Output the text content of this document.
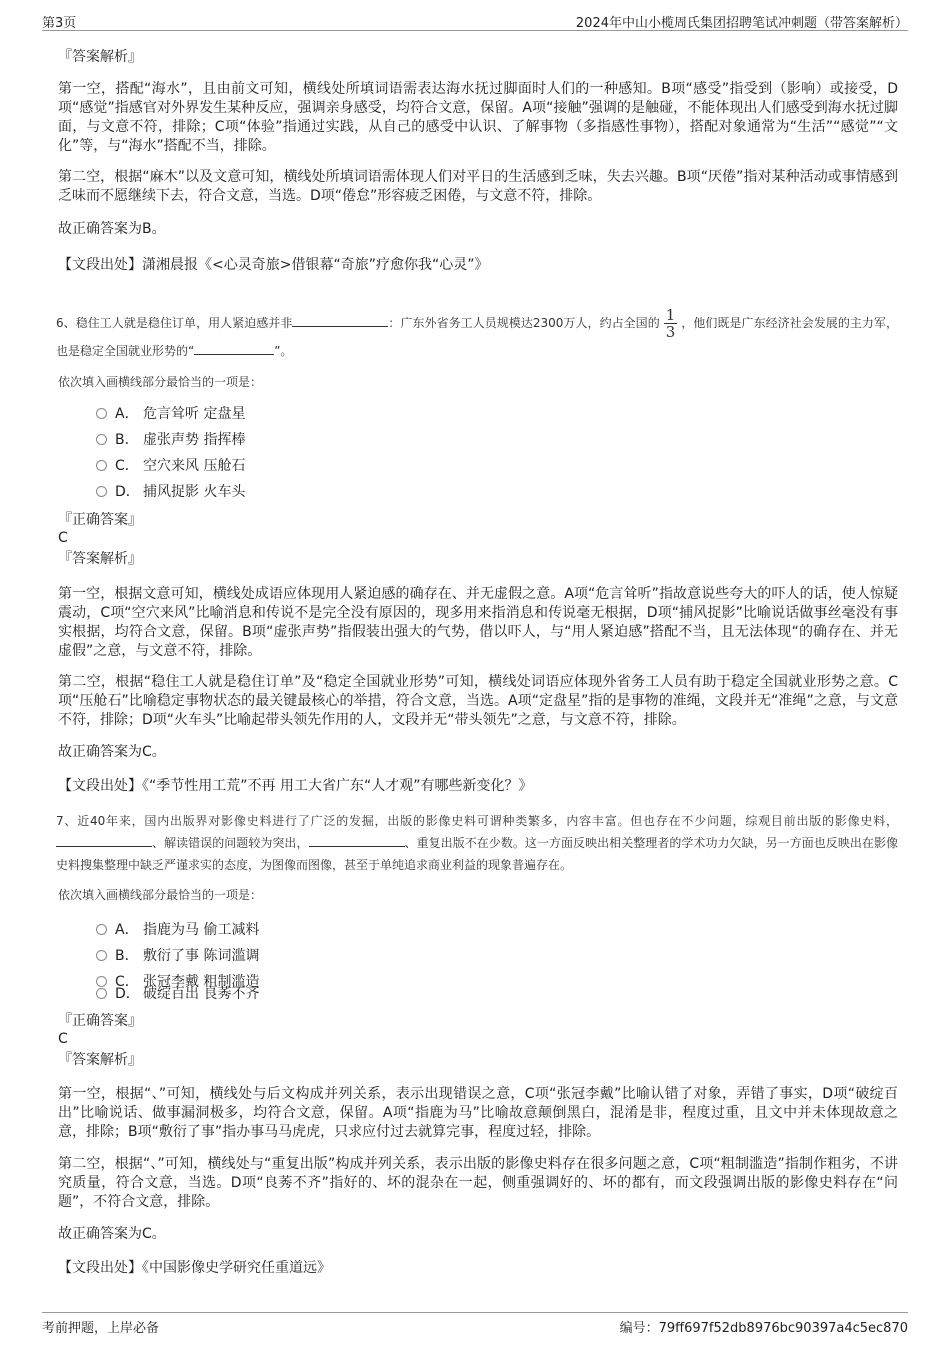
第3页	2024年中山小榄周氏集团招聘笔试冲刺题（带答案解析）
『答案解析』
第一空，搭配“海水”，且由前文可知，横线处所填词语需表达海水抚过脚面时人们的一种感知。B项“感受”指受到（影响）或接受，D项“感觉”指感官对外界发生某种反应，强调亲身感受，均符合文意，保留。A项“接触”强调的是触碰，不能体现出人们感受到海水抚过脚面，与文意不符，排除；C项“体验”指通过实践，从自己的感受中认识、了解事物（多指感性事物），搭配对象通常为“生活”“感觉”“文化”等，与“海水”搭配不当，排除。
第二空，根据“麻木”以及文意可知，横线处所填词语需体现人们对平日的生活感到乏味，失去兴趣。B项“厌倦”指对某种活动或事情感到乏味而不愿继续下去，符合文意，当选。D项“倦怠”形容疲乏困倦，与文意不符，排除。
故正确答案为B。
【文段出处】潇湘晨报《<心灵奇旅>借银幕“奇旅”疗愈你我“心灵”》
6、稳住工人就是稳住订单，用人紧迫感并非	：广东外省务工人员规模达2300万人，约占全国的 $\frac{1}{3}$ ，他们既是广东经济社会发展的主力军，也是稳定全国就业形势的“	”。
依次填入画横线部分最恰当的一项是：
A． 危言耸听 定盘星
B． 虚张声势 指挥棒
C． 空穴来风 压舱石
D． 捕风捉影 火车头
『正确答案』
C
『答案解析』
第一空，根据文意可知，横线处成语应体现用人紧迫感的确存在、并无虚假之意。A项“危言耸听”指故意说些夸大的吓人的话，使人惊疑震动，C项“空穴来风”比喻消息和传说不是完全没有原因的，现多用来指消息和传说毫无根据，D项“捕风捉影”比喻说话做事丝毫没有事实根据，均符合文意，保留。B项“虚张声势”指假装出强大的气势，借以吓人，与“用人紧迫感”搭配不当，且无法体现“的确存在、并无虚假”之意，与文意不符，排除。
第二空，根据“稳住工人就是稳住订单”及“稳定全国就业形势”可知，横线处词语应体现外省务工人员有助于稳定全国就业形势之意。C项“压舱石”比喻稳定事物状态的最关键最核心的举措，符合文意，当选。A项“定盘星”指的是事物的准绳，文段并无“准绳”之意，与文意不符，排除；D项“火车头”比喻起带头领先作用的人，文段并无“带头领先”之意，与文意不符，排除。
故正确答案为C。
【文段出处】《“季节性用工荒”不再 用工大省广东“人才观”有哪些新变化？》
7、近40年来，国内出版界对影像史料进行了广泛的发掘，出版的影像史料可谓种类繁多，内容丰富。但也存在不少问题，综观目前出版的影像史料，、解读错误的问题较为突出，	、重复出版不在少数。这一方面反映出相关整理者的学术功力欠缺，另一方面也反映出在影像史料搜集整理中缺乏严谨求实的态度，为图像而图像，甚至于单纯追求商业利益的现象普遍存在。
依次填入画横线部分最恰当的一项是：
A． 指鹿为马 偷工减料
B． 敷衍了事 陈词滥调
C． 张冠李戴 粗制滥造
D． 破绽百出 良莠不齐
『正确答案』
C
『答案解析』
第一空，根据“、”可知，横线处与后文构成并列关系，表示出现错误之意，C项“张冠李戴”比喻认错了对象，弄错了事实，D项“破绽百出”比喻说话、做事漏洞极多，均符合文意，保留。A项“指鹿为马”比喻故意颠倒黑白，混淆是非，程度过重，且文中并未体现故意之意，排除；B项“敷衍了事”指办事马马虎虎，只求应付过去就算完事，程度过轻，排除。
第二空，根据“、”可知，横线处与“重复出版”构成并列关系，表示出版的影像史料存在很多问题之意，C项“粗制滥造”指制作粗劣，不讲究质量，符合文意，当选。D项“良莠不齐”指好的、坏的混杂在一起，侧重强调好的、坏的都有，而文段强调出版的影像史料存在“问题”，不符合文意，排除。
故正确答案为C。
【文段出处】《中国影像史学研究任重道远》
考前押题，上岸必备	编号：79ff697f52db8976bc90397a4c5ec870
